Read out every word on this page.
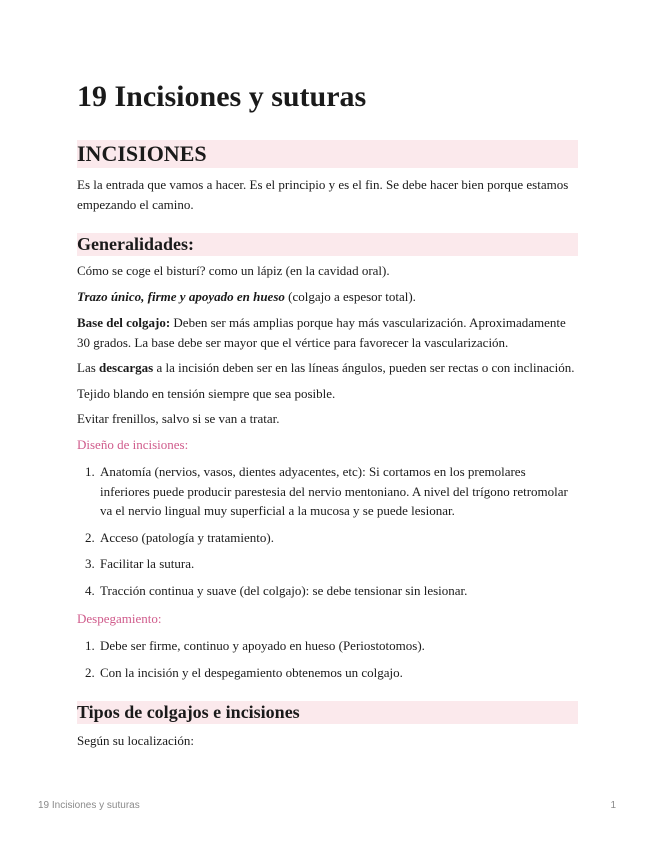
19 Incisiones y suturas
INCISIONES

Es la entrada que vamos a hacer. Es el principio y es el fin. Se debe hacer bien porque estamos empezando el camino.

Generalidades:

Cómo se coge el bisturí? como un lápiz (en la cavidad oral).

Trazo único, firme y apoyado en hueso (colgajo a espesor total).

Base del colgajo: Deben ser más amplias porque hay más vascularización. Aproximadamente 30 grados. La base debe ser mayor que el vértice para favorecer la vascularización.

Las descargas a la incisión deben ser en las líneas ángulos, pueden ser rectas o con inclinación.

Tejido blando en tensión siempre que sea posible.

Evitar frenillos, salvo si se van a tratar.

Diseño de incisiones:

1. Anatomía (nervios, vasos, dientes adyacentes, etc): Si cortamos en los premolares inferiores puede producir parestesia del nervio mentoniano. A nivel del trígono retromolar va el nervio lingual muy superficial a la mucosa y se puede lesionar.
2. Acceso (patología y tratamiento).
3. Facilitar la sutura.
4. Tracción continua y suave (del colgajo): se debe tensionar sin lesionar.

Despegamiento:

1. Debe ser firme, continuo y apoyado en hueso (Periostotomos).
2. Con la incisión y el despegamiento obtenemos un colgajo.
Tipos de colgajos e incisiones

Según su localización:

19 Incisiones y suturas	1
